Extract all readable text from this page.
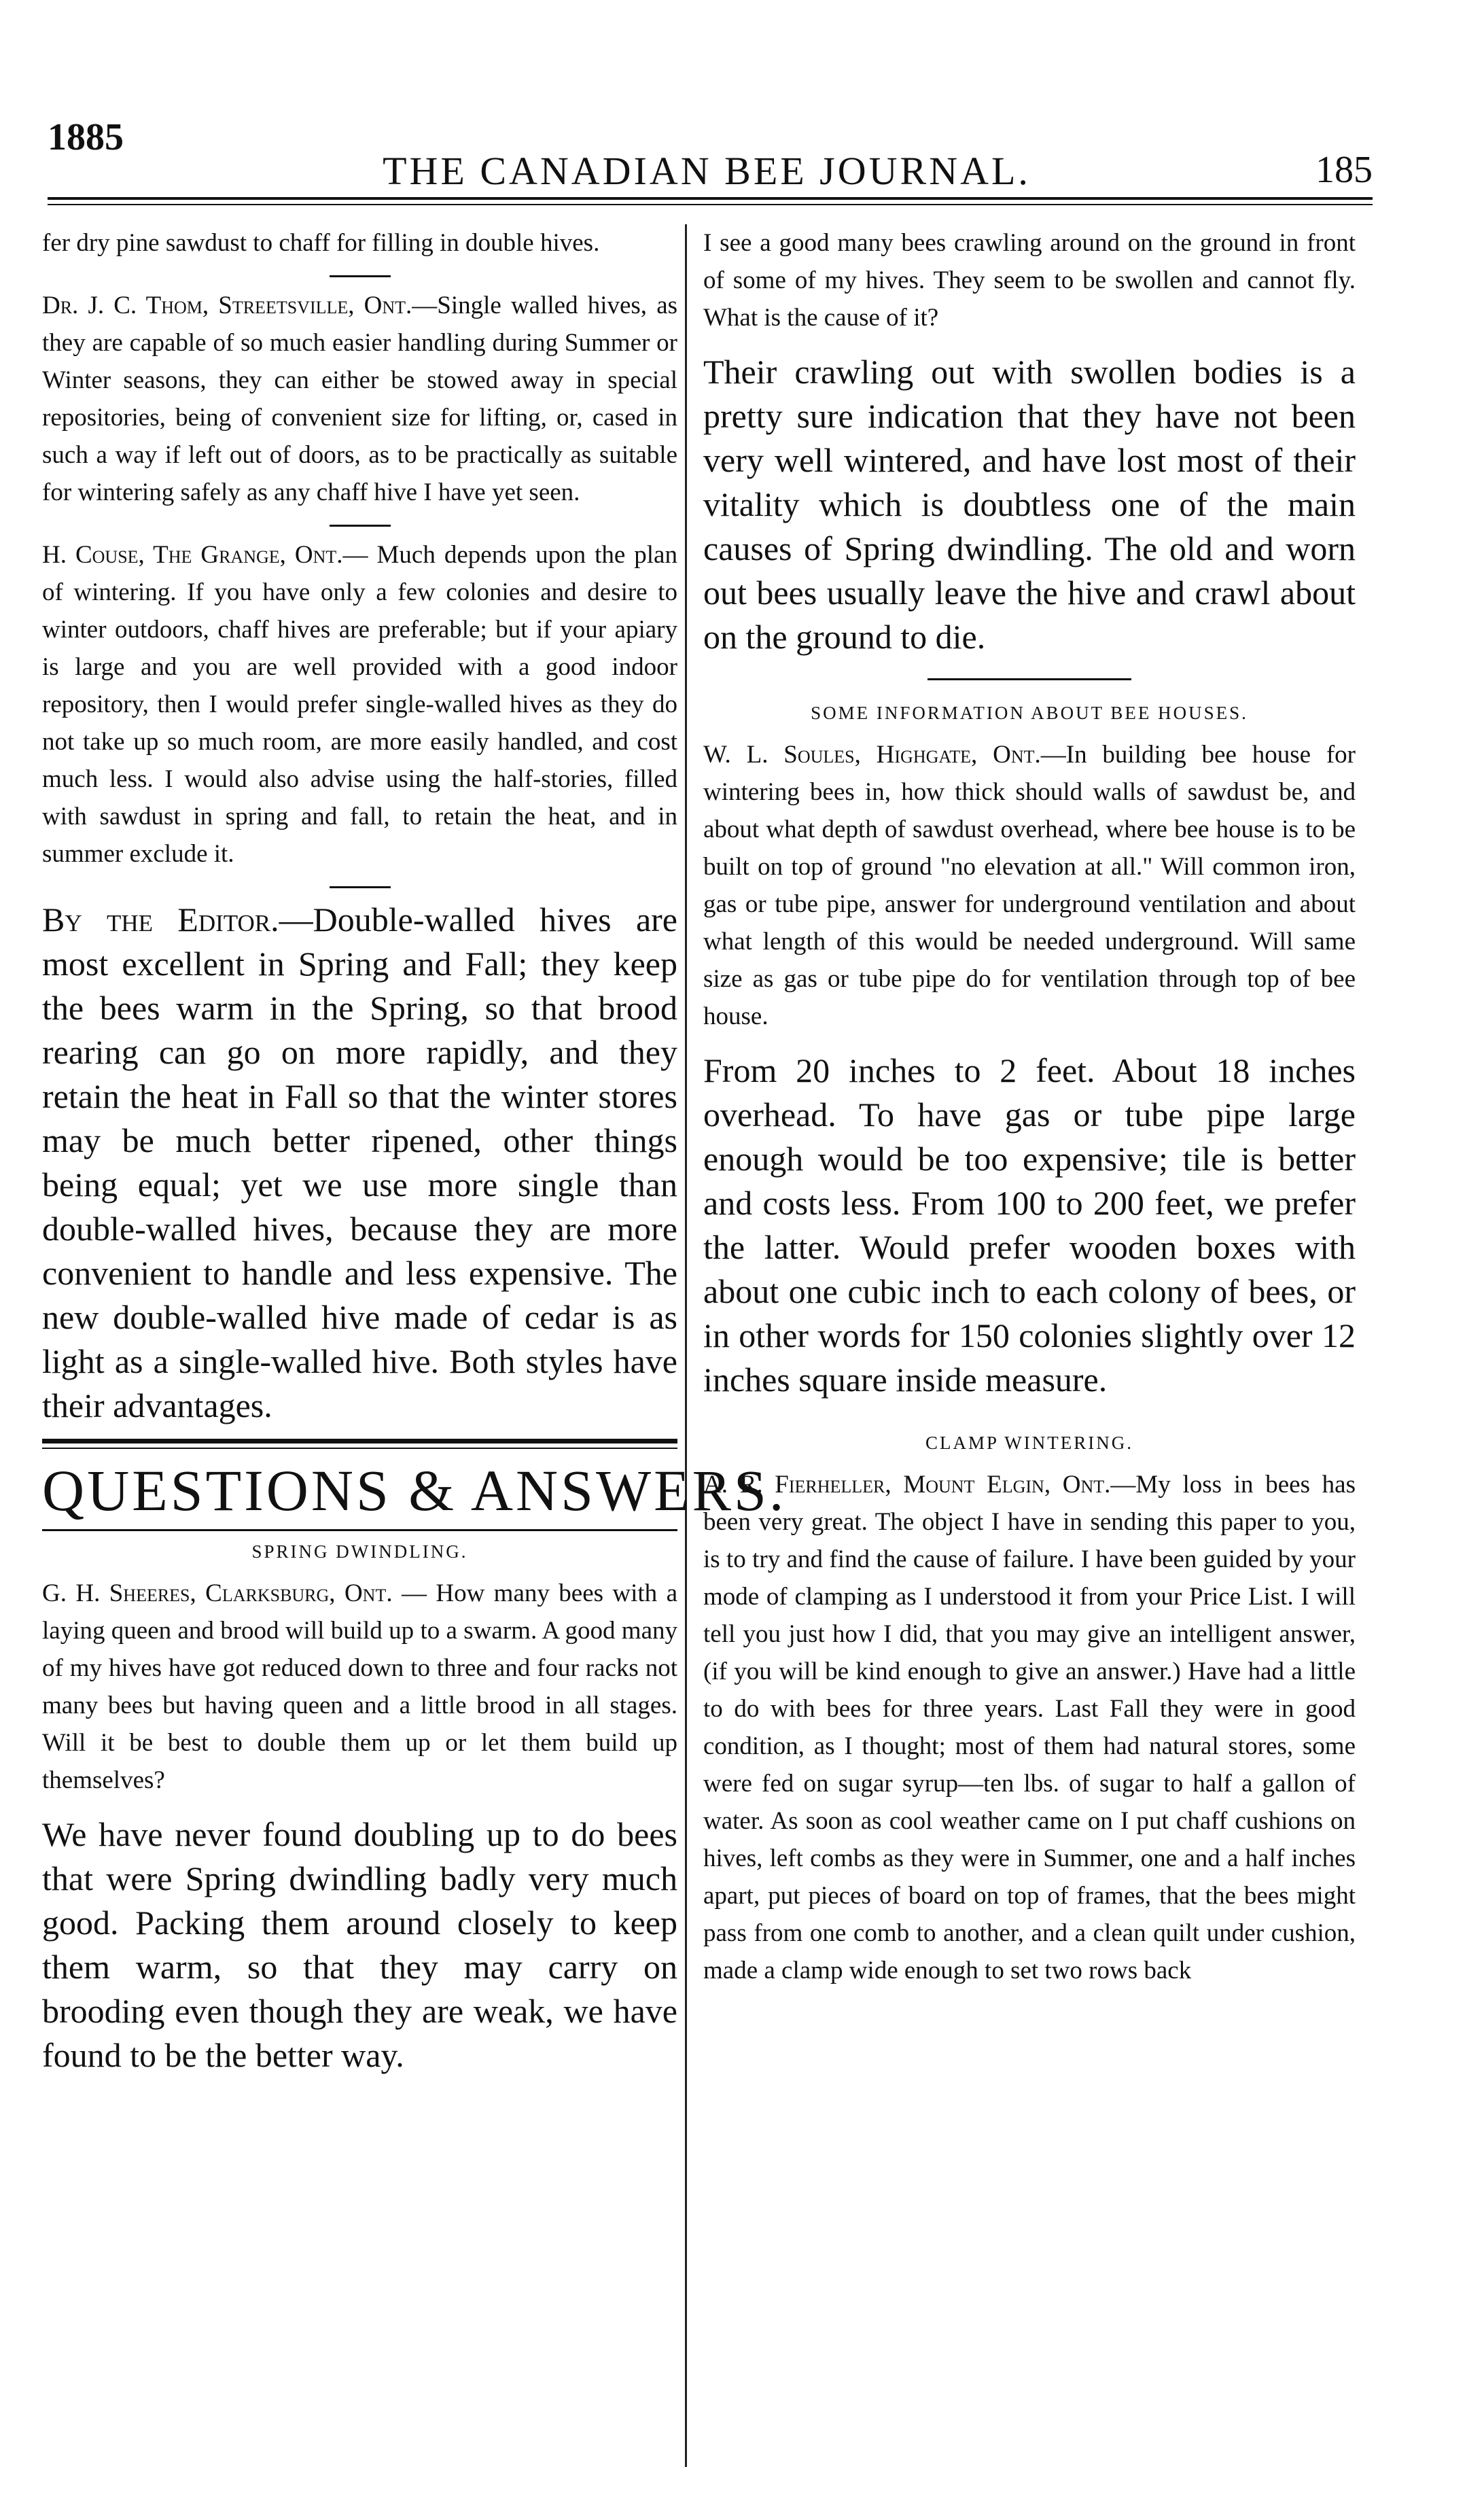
1885
THE CANADIAN BEE JOURNAL.	185

fer dry pine sawdust to chaff for filling in double hives.

Dr. J. C. Thom, Streetsville, Ont.—Single walled hives, as they are capable of so much easier handling during Summer or Winter seasons, they can either be stowed away in special repositories, being of convenient size for lifting, or, cased in such a way if left out of doors, as to be practically as suitable for wintering safely as any chaff hive I have yet seen.

H. Couse, The Grange, Ont.— Much depends upon the plan of wintering. If you have only a few colonies and desire to winter outdoors, chaff hives are preferable; but if your apiary is large and you are well provided with a good indoor repository, then I would prefer single-walled hives as they do not take up so much room, are more easily handled, and cost much less. I would also advise using the half-stories, filled with sawdust in spring and fall, to retain the heat, and in summer exclude it.

By the Editor.—Double-walled hives are most excellent in Spring and Fall; they keep the bees warm in the Spring, so that brood rearing can go on more rapidly, and they retain the heat in Fall so that the winter stores may be much better ripened, other things being equal; yet we use more single than double-walled hives, because they are more convenient to handle and less expensive. The new double-walled hive made of cedar is as light as a single-walled hive. Both styles have their advantages.

QUESTIONS & ANSWERS.
SPRING DWINDLING.

G. H. Sheeres, Clarksburg, Ont. — How many bees with a laying queen and brood will build up to a swarm. A good many of my hives have got reduced down to three and four racks not many bees but having queen and a little brood in all stages. Will it be best to double them up or let them build up themselves?

We have never found doubling up to do bees that were Spring dwindling badly very much good. Packing them around closely to keep them warm, so that they may carry on brooding even though they are weak, we have found to be the better way.

I see a good many bees crawling around on the ground in front of some of my hives. They seem to be swollen and cannot fly. What is the cause of it?

Their crawling out with swollen bodies is a pretty sure indication that they have not been very well wintered, and have lost most of their vitality which is doubtless one of the main causes of Spring dwindling. The old and worn out bees usually leave the hive and crawl about on the ground to die.

SOME INFORMATION ABOUT BEE HOUSES.

W. L. Soules, Highgate, Ont.—In building bee house for wintering bees in, how thick should walls of sawdust be, and about what depth of sawdust overhead, where bee house is to be built on top of ground "no elevation at all." Will common iron, gas or tube pipe, answer for underground ventilation and about what length of this would be needed underground. Will same size as gas or tube pipe do for ventilation through top of bee house.

From 20 inches to 2 feet. About 18 inches overhead. To have gas or tube pipe large enough would be too expensive; tile is better and costs less. From 100 to 200 feet, we prefer the latter. Would prefer wooden boxes with about one cubic inch to each colony of bees, or in other words for 150 colonies slightly over 12 inches square inside measure.

CLAMP WINTERING.

A. R. Fierheller, Mount Elgin, Ont.—My loss in bees has been very great. The object I have in sending this paper to you, is to try and find the cause of failure. I have been guided by your mode of clamping as I understood it from your Price List. I will tell you just how I did, that you may give an intelligent answer, (if you will be kind enough to give an answer.) Have had a little to do with bees for three years. Last Fall they were in good condition, as I thought; most of them had natural stores, some were fed on sugar syrup—ten lbs. of sugar to half a gallon of water. As soon as cool weather came on I put chaff cushions on hives, left combs as they were in Summer, one and a half inches apart, put pieces of board on top of frames, that the bees might pass from one comb to another, and a clean quilt under cushion, made a clamp wide enough to set two rows back
